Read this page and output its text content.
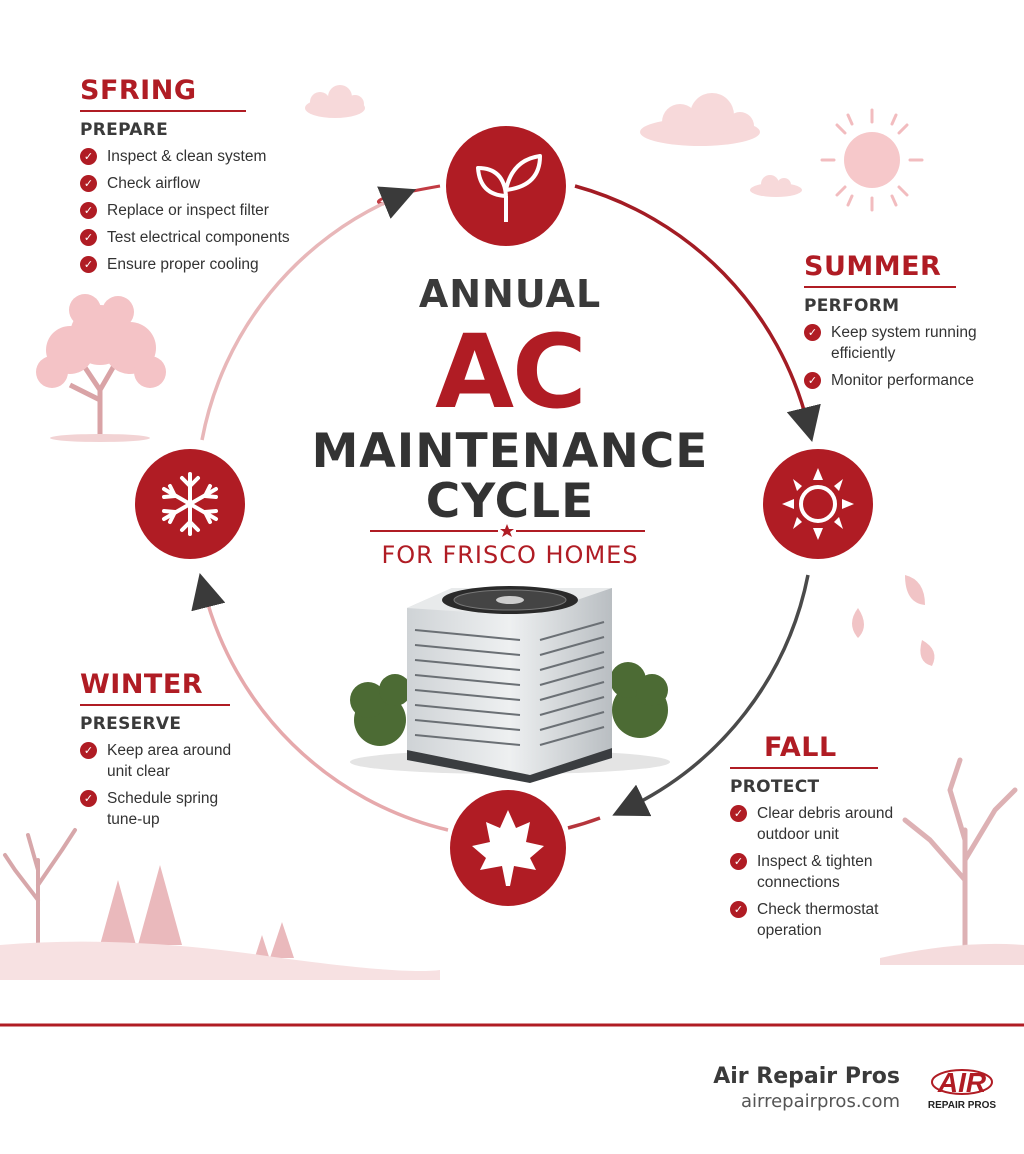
AIR
REPAIR PROS
SFRING
PREPARE
✓ Inspect & clean system
✓ Check airflow
✓ Replace or inspect filter
✓ Test electrical components
✓ Ensure proper cooling	SUMMER
PERFORM
✓ Keep system running efficiently
✓ Monitor performance
FALL
PROTECT
✓ Clear debris around outdoor unit
✓ Inspect & tighten connections
✓ Check thermostat operation
WINTER
PRESERVE
✓ Keep area around unit clear
✓ Schedule spring tune-up
ANNUAL
AC
MAINTENANCE
CYCLE
FOR FRISCO HOMES
Air Repair Pros
airrepairpros.com
